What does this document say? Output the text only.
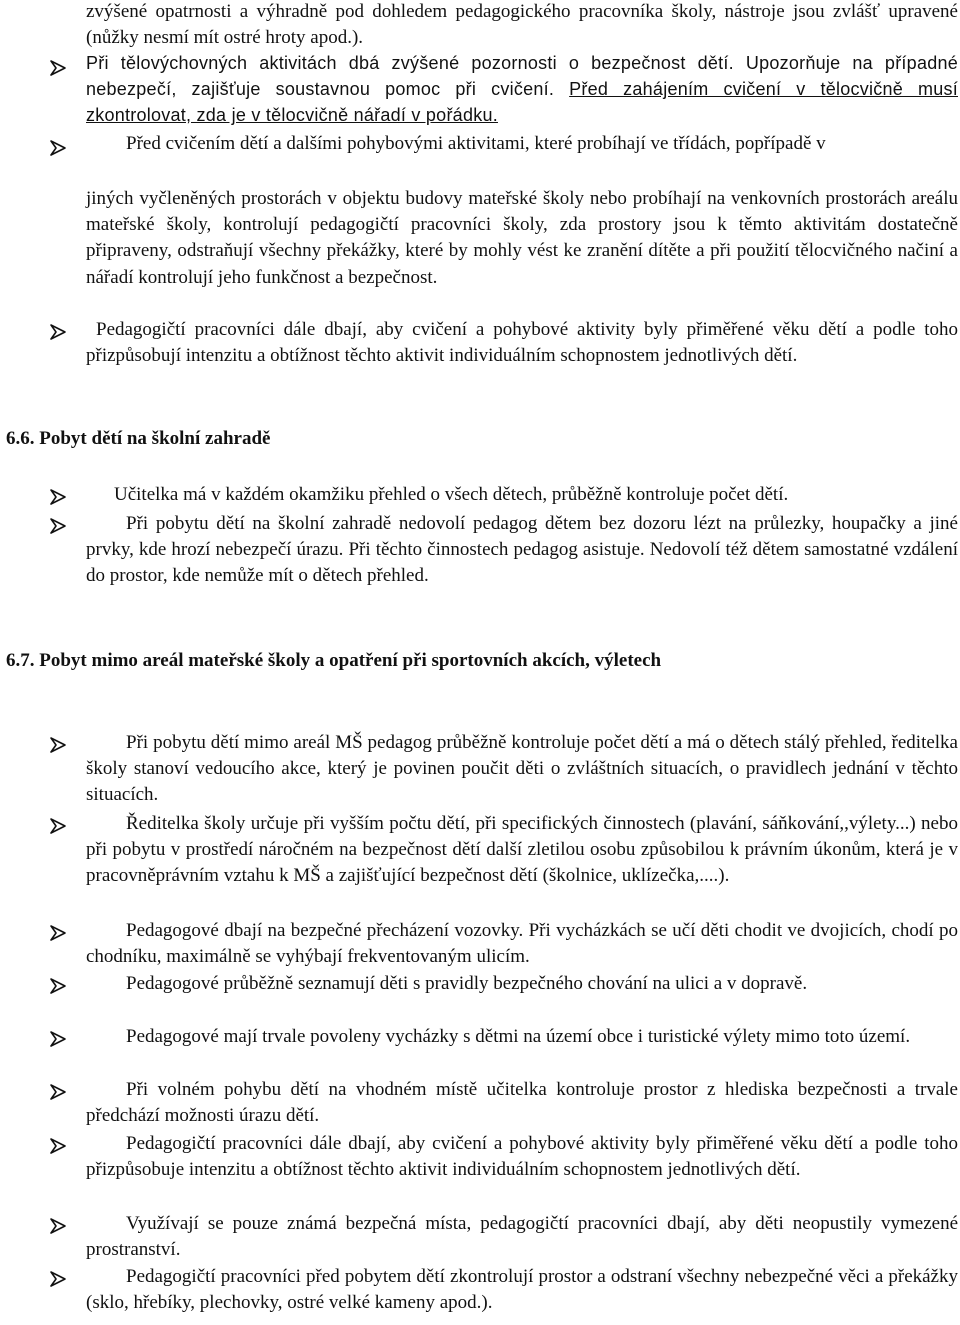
zvýšené opatrnosti a výhradně pod dohledem pedagogického pracovníka školy, nástroje jsou zvlášť upravené (nůžky nesmí mít ostré hroty apod.).

Při tělovýchovných aktivitách dbá zvýšené pozornosti o bezpečnost dětí. Upozorňuje na případné nebezpečí, zajišťuje soustavnou pomoc při cvičení. Před zahájením cvičení v tělocvičně musí zkontrolovat, zda je v tělocvičně nářadí v pořádku.

Před cvičením dětí a dalšími pohybovými aktivitami, které probíhají ve třídách, popřípadě v

jiných vyčleněných prostorách v objektu budovy mateřské školy nebo probíhají na venkovních prostorách areálu mateřské školy, kontrolují pedagogičtí pracovníci školy, zda prostory jsou k těmto aktivitám dostatečně připraveny, odstraňují všechny překážky, které by mohly vést ke zranění dítěte a při použití tělocvičného načiní a nářadí kontrolují jeho funkčnost a bezpečnost.

Pedagogičtí pracovníci dále dbají, aby cvičení a pohybové aktivity byly přiměřené věku dětí a podle toho přizpůsobují intenzitu a obtížnost těchto aktivit individuálním schopnostem jednotlivých dětí.

6.6. Pobyt dětí na školní zahradě

Učitelka má v každém okamžiku přehled o všech dětech, průběžně kontroluje počet dětí.

Při pobytu dětí na školní zahradě nedovolí pedagog dětem bez dozoru lézt na průlezky, houpačky a jiné prvky, kde hrozí nebezpečí úrazu. Při těchto činnostech pedagog asistuje. Nedovolí též dětem samostatné vzdálení do prostor, kde nemůže mít o dětech přehled.

6.7. Pobyt mimo areál mateřské školy a opatření při sportovních akcích, výletech

Při pobytu dětí mimo areál MŠ pedagog průběžně kontroluje počet dětí a má o dětech stálý přehled, ředitelka školy stanoví vedoucího akce, který je povinen poučit děti o zvláštních situacích, o pravidlech jednání v těchto situacích.

Ředitelka školy určuje při vyšším počtu dětí, při specifických činnostech (plavání, sáňkování,,výlety...) nebo při pobytu v prostředí náročném na bezpečnost dětí další zletilou osobu způsobilou k právním úkonům, která je v pracovněprávním vztahu k MŠ a zajišťující bezpečnost dětí (školnice, uklízečka,....).

Pedagogové dbají na bezpečné přecházení vozovky. Při vycházkách se učí děti chodit ve dvojicích, chodí po chodníku, maximálně se vyhýbají frekventovaným ulicím.

Pedagogové průběžně seznamují děti s pravidly bezpečného chování na ulici a v dopravě.

Pedagogové mají trvale povoleny vycházky s dětmi na území obce i turistické výlety mimo toto území.

Při volném pohybu dětí na vhodném místě učitelka kontroluje prostor z hlediska bezpečnosti a trvale předchází možnosti úrazu dětí.

Pedagogičtí pracovníci dále dbají, aby cvičení a pohybové aktivity byly přiměřené věku dětí a podle toho přizpůsobuje intenzitu a obtížnost těchto aktivit individuálním schopnostem jednotlivých dětí.

Využívají se pouze známá bezpečná místa, pedagogičtí pracovníci dbají, aby děti neopustily vymezené prostranství.

Pedagogičtí pracovníci před pobytem dětí zkontrolují prostor a odstraní všechny nebezpečné věci a překážky (sklo, hřebíky, plechovky, ostré velké kameny apod.).
